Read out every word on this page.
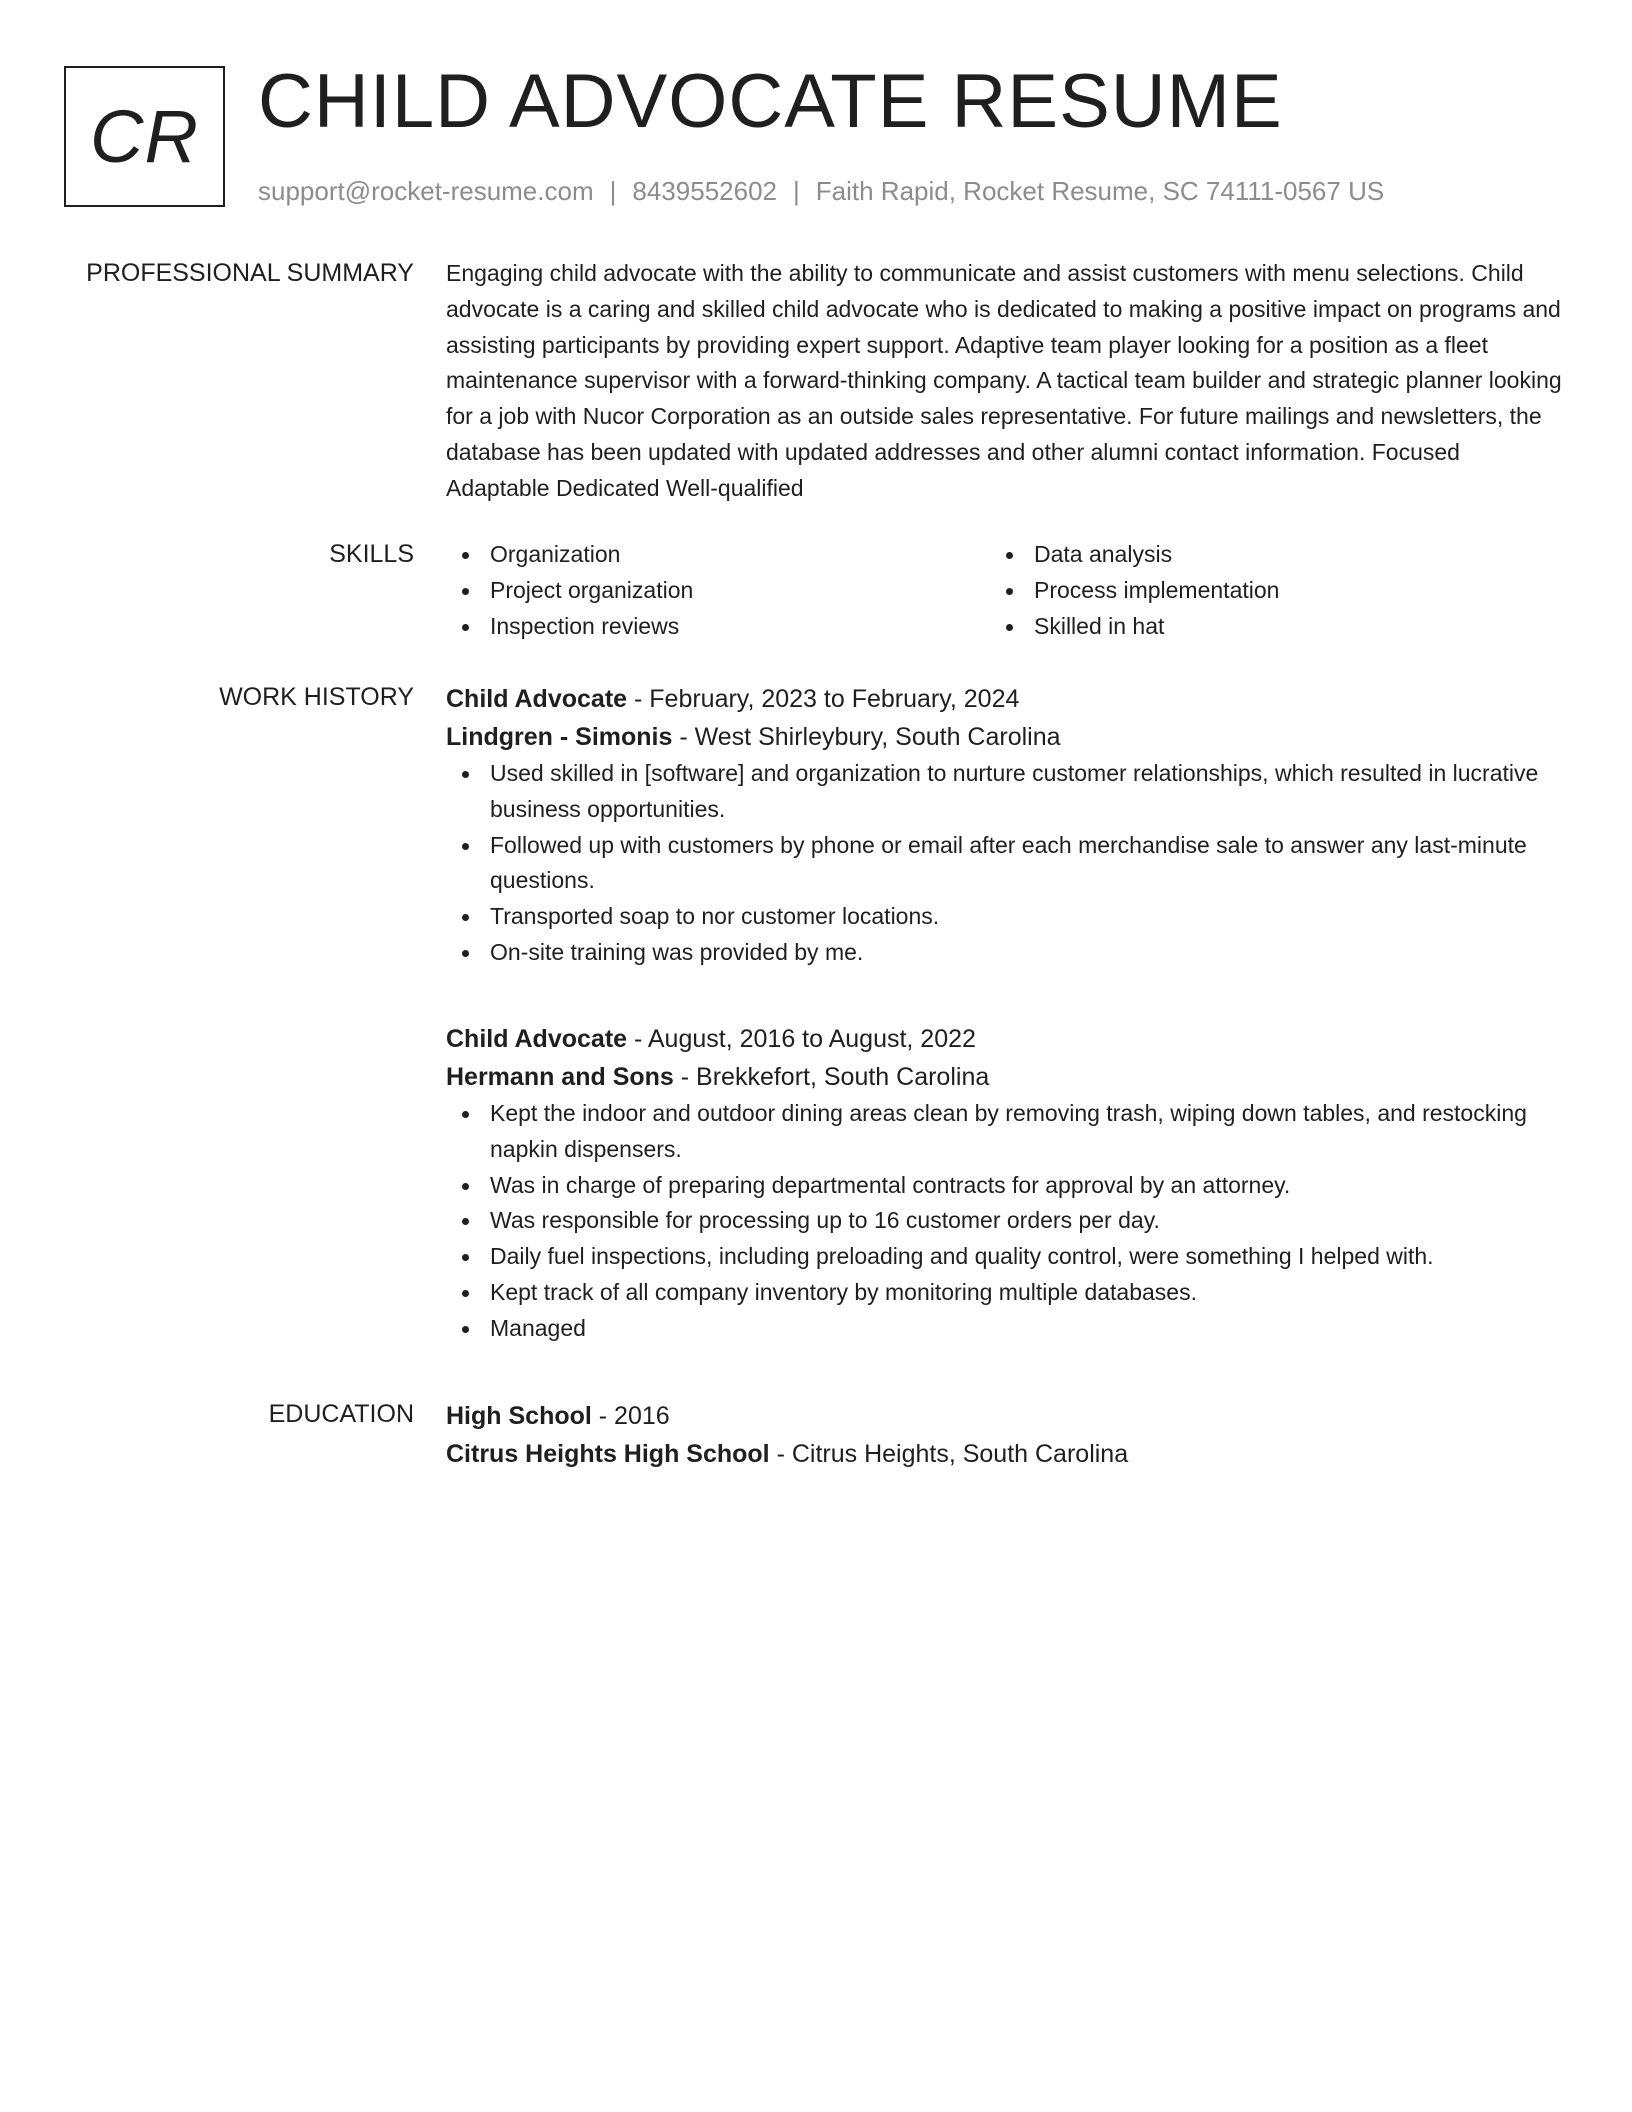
CR CHILD ADVOCATE RESUME
support@rocket-resume.com | 8439552602 | Faith Rapid, Rocket Resume, SC 74111-0567 US
PROFESSIONAL SUMMARY Engaging child advocate with the ability to communicate and assist customers with menu selections. Child advocate is a caring and skilled child advocate who is dedicated to making a positive impact on programs and assisting participants by providing expert support. Adaptive team player looking for a position as a fleet maintenance supervisor with a forward-thinking company. A tactical team builder and strategic planner looking for a job with Nucor Corporation as an outside sales representative. For future mailings and newsletters, the database has been updated with updated addresses and other alumni contact information. Focused Adaptable Dedicated Well-qualified

SKILLS	Organization
Project organization
Inspection reviews
Data analysis
Process implementation
Skilled in hat
WORK HISTORY Child Advocate - February, 2023 to February, 2024
Lindgren - Simonis - West Shirleybury, South Carolina
Used skilled in [software] and organization to nurture customer relationships, which resulted in lucrative business opportunities.
Followed up with customers by phone or email after each merchandise sale to answer any last-minute questions.
Transported soap to nor customer locations.
On-site training was provided by me.
Child Advocate - August, 2016 to August, 2022
Hermann and Sons - Brekkefort, South Carolina
Kept the indoor and outdoor dining areas clean by removing trash, wiping down tables, and restocking napkin dispensers.
Was in charge of preparing departmental contracts for approval by an attorney.
Was responsible for processing up to 16 customer orders per day.
Daily fuel inspections, including preloading and quality control, were something I helped with.
Kept track of all company inventory by monitoring multiple databases.
Managed
EDUCATION High School - 2016
Citrus Heights High School - Citrus Heights, South Carolina
